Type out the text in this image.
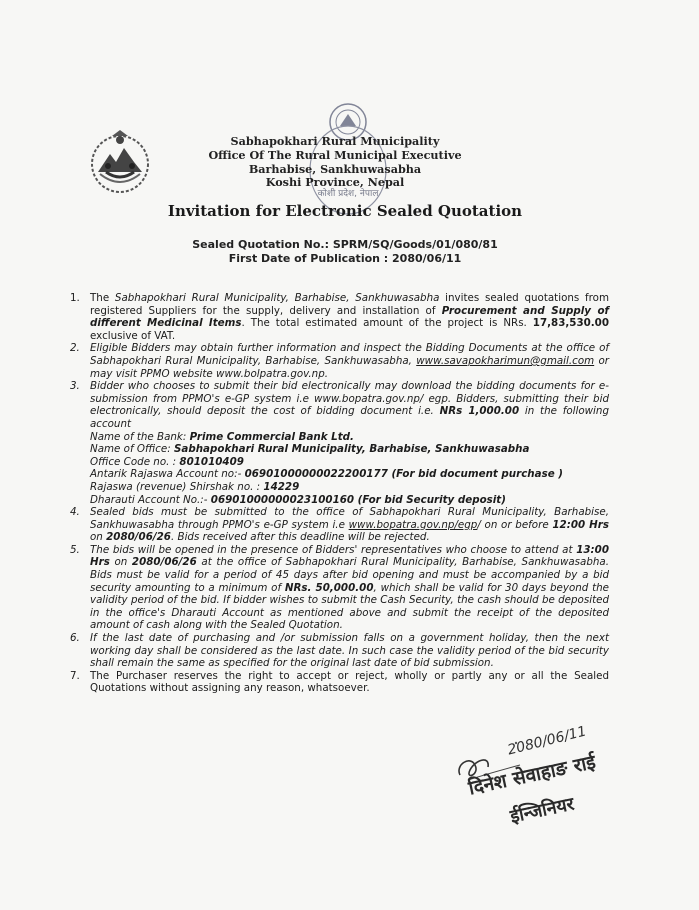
कोशी प्रदेश, नेपाल
Sabhapokhari Rural Municipality
Office Of The Rural Municipal Executive
Barhabise, Sankhuwasabha
Koshi Province, Nepal
Invitation for Electronic Sealed Quotation
Sealed Quotation No.: SPRM/SQ/Goods/01/080/81
First Date of Publication : 2080/06/11

1. The Sabhapokhari Rural Municipality, Barhabise, Sankhuwasabha invites sealed quotations from registered Suppliers for the supply, delivery and installation of Procurement and Supply of different Medicinal Items. The total estimated amount of the project is NRs. 17,83,530.00 exclusive of VAT.

2. Eligible Bidders may obtain further information and inspect the Bidding Documents at the office of Sabhapokhari Rural Municipality, Barhabise, Sankhuwasabha, www.savapokharimun@gmail.com or may visit PPMO website www.bolpatra.gov.np.

3. Bidder who chooses to submit their bid electronically may download the bidding documents for e-submission from PPMO's e-GP system i.e www.bopatra.gov.np/ egp. Bidders, submitting their bid electronically, should deposit the cost of bidding document i.e. NRs 1,000.00 in the following account
Name of the Bank: Prime Commercial Bank Ltd.
Name of Office: Sabhapokhari Rural Municipality, Barhabise, Sankhuwasabha
Office Code no. : 801010409
Antarik Rajaswa Account no:- 06901000000022200177 (For bid document purchase )
Rajaswa (revenue) Shirshak no. : 14229
Dharauti Account No.:- 06901000000023100160 (For bid Security deposit)

4. Sealed bids must be submitted to the office of Sabhapokhari Rural Municipality, Barhabise, Sankhuwasabha through PPMO's e-GP system i.e www.bopatra.gov.np/egp/ on or before 12:00 Hrs on 2080/06/26. Bids received after this deadline will be rejected.

5. The bids will be opened in the presence of Bidders' representatives who choose to attend at 13:00 Hrs on 2080/06/26 at the office of Sabhapokhari Rural Municipality, Barhabise, Sankhuwasabha. Bids must be valid for a period of 45 days after bid opening and must be accompanied by a bid security amounting to a minimum of NRs. 50,000.00, which shall be valid for 30 days beyond the validity period of the bid. If bidder wishes to submit the Cash Security, the cash should be deposited in the office's Dharauti Account as mentioned above and submit the receipt of the deposited amount of cash along with the Sealed Quotation.

6. If the last date of purchasing and /or submission falls on a government holiday, then the next working day shall be considered as the last date. In such case the validity period of the bid security shall remain the same as specified for the original last date of bid submission.

7. The Purchaser reserves the right to accept or reject, wholly or partly any or all the Sealed Quotations without assigning any reason, whatsoever.

2080/06/11
दिनेश सेवाहाङ राई
ईन्जिनियर
